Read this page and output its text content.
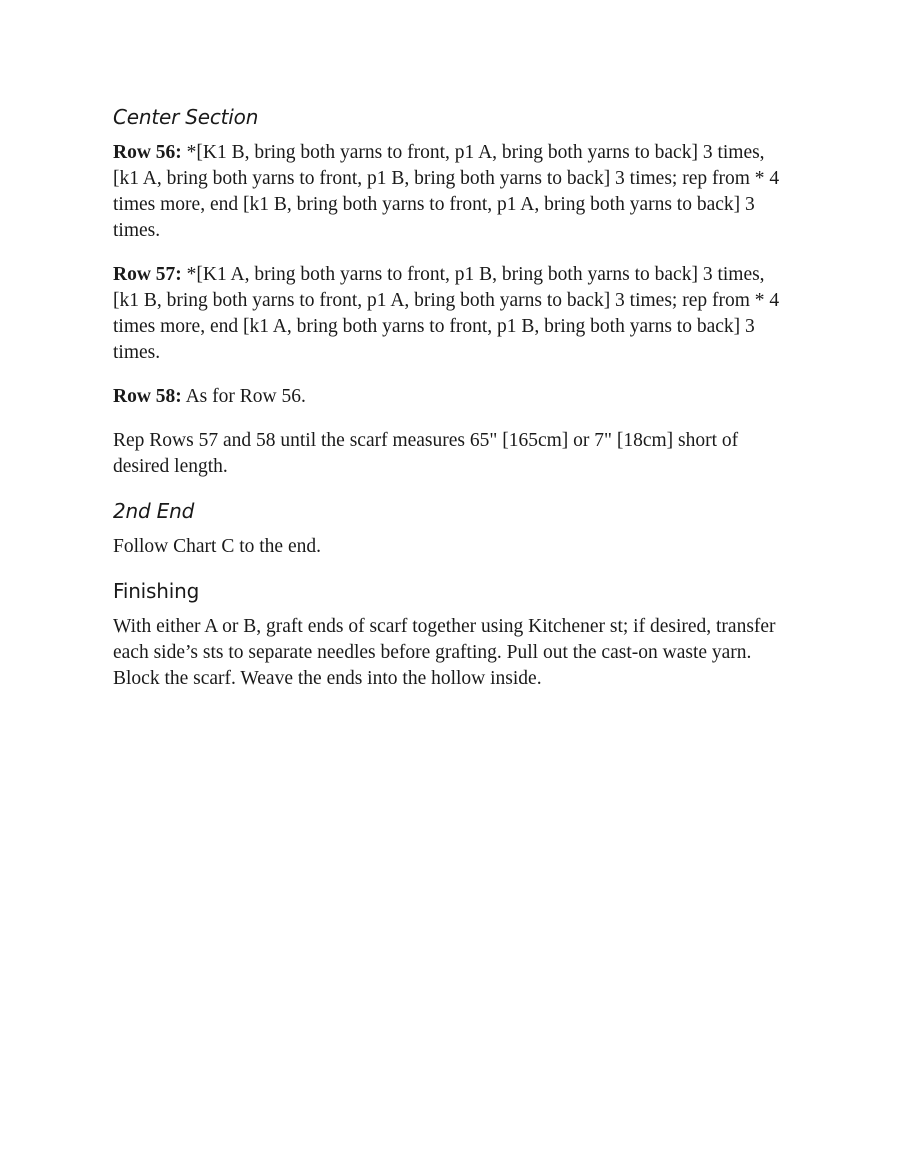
Center Section

Row 56: *[K1 B, bring both yarns to front, p1 A, bring both yarns to back] 3 times, [k1 A, bring both yarns to front, p1 B, bring both yarns to back] 3 times; rep from * 4 times more, end [k1 B, bring both yarns to front, p1 A, bring both yarns to back] 3 times.

Row 57: *[K1 A, bring both yarns to front, p1 B, bring both yarns to back] 3 times, [k1 B, bring both yarns to front, p1 A, bring both yarns to back] 3 times; rep from * 4 times more, end [k1 A, bring both yarns to front, p1 B, bring both yarns to back] 3 times.

Row 58: As for Row 56.

Rep Rows 57 and 58 until the scarf measures 65" [165cm] or 7" [18cm] short of desired length.

2nd End

Follow Chart C to the end.

Finishing

With either A or B, graft ends of scarf together using Kitchener st; if desired, transfer each side’s sts to separate needles before grafting. Pull out the cast-on waste yarn. Block the scarf. Weave the ends into the hollow inside.
